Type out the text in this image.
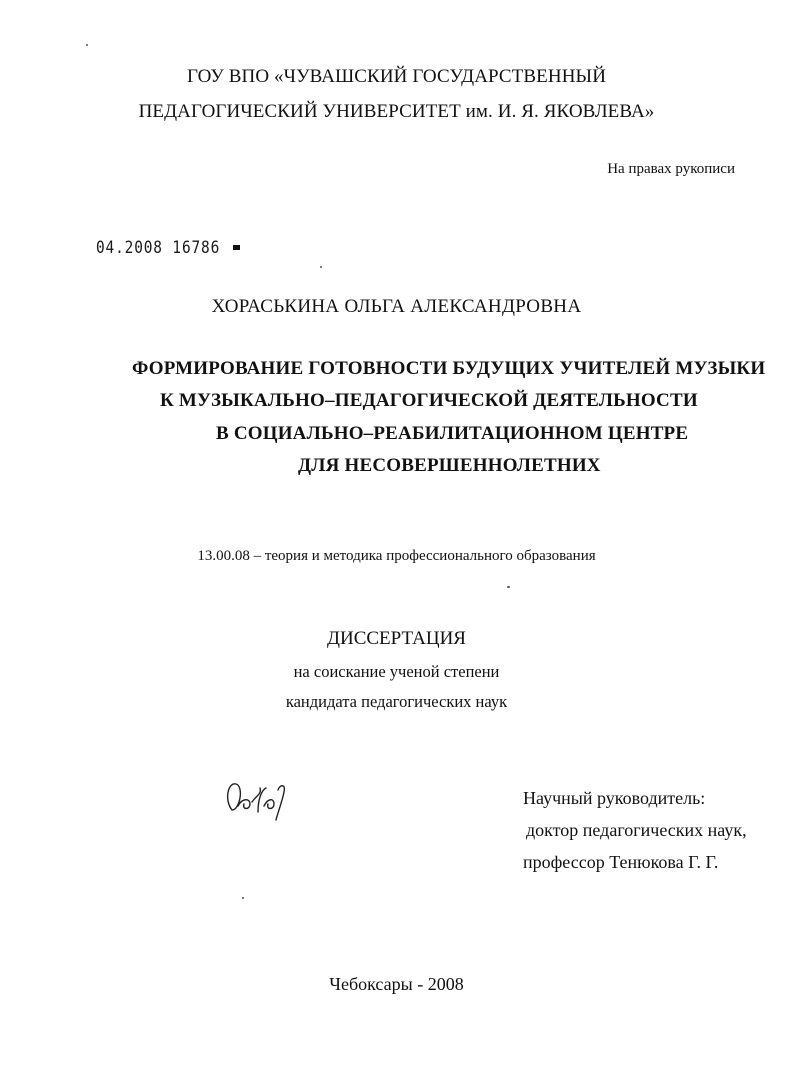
ГОУ ВПО «ЧУВАШСКИЙ ГОСУДАРСТВЕННЫЙ
ПЕДАГОГИЧЕСКИЙ УНИВЕРСИТЕТ им. И. Я. ЯКОВЛЕВА»
На правах рукописи
04.2008 16786
ХОРАСЬКИНА ОЛЬГА АЛЕКСАНДРОВНА
ФОРМИРОВАНИЕ ГОТОВНОСТИ БУДУЩИХ УЧИТЕЛЕЙ МУЗЫКИ
К МУЗЫКАЛЬНО–ПЕДАГОГИЧЕСКОЙ ДЕЯТЕЛЬНОСТИ
В СОЦИАЛЬНО–РЕАБИЛИТАЦИОННОМ ЦЕНТРЕ
ДЛЯ НЕСОВЕРШЕННОЛЕТНИХ
13.00.08 – теория и методика профессионального образования
ДИССЕРТАЦИЯ
на соискание ученой степени
кандидата педагогических наук
Научный руководитель:
доктор педагогических наук,
профессор Тенюкова Г. Г.
Чебоксары - 2008
